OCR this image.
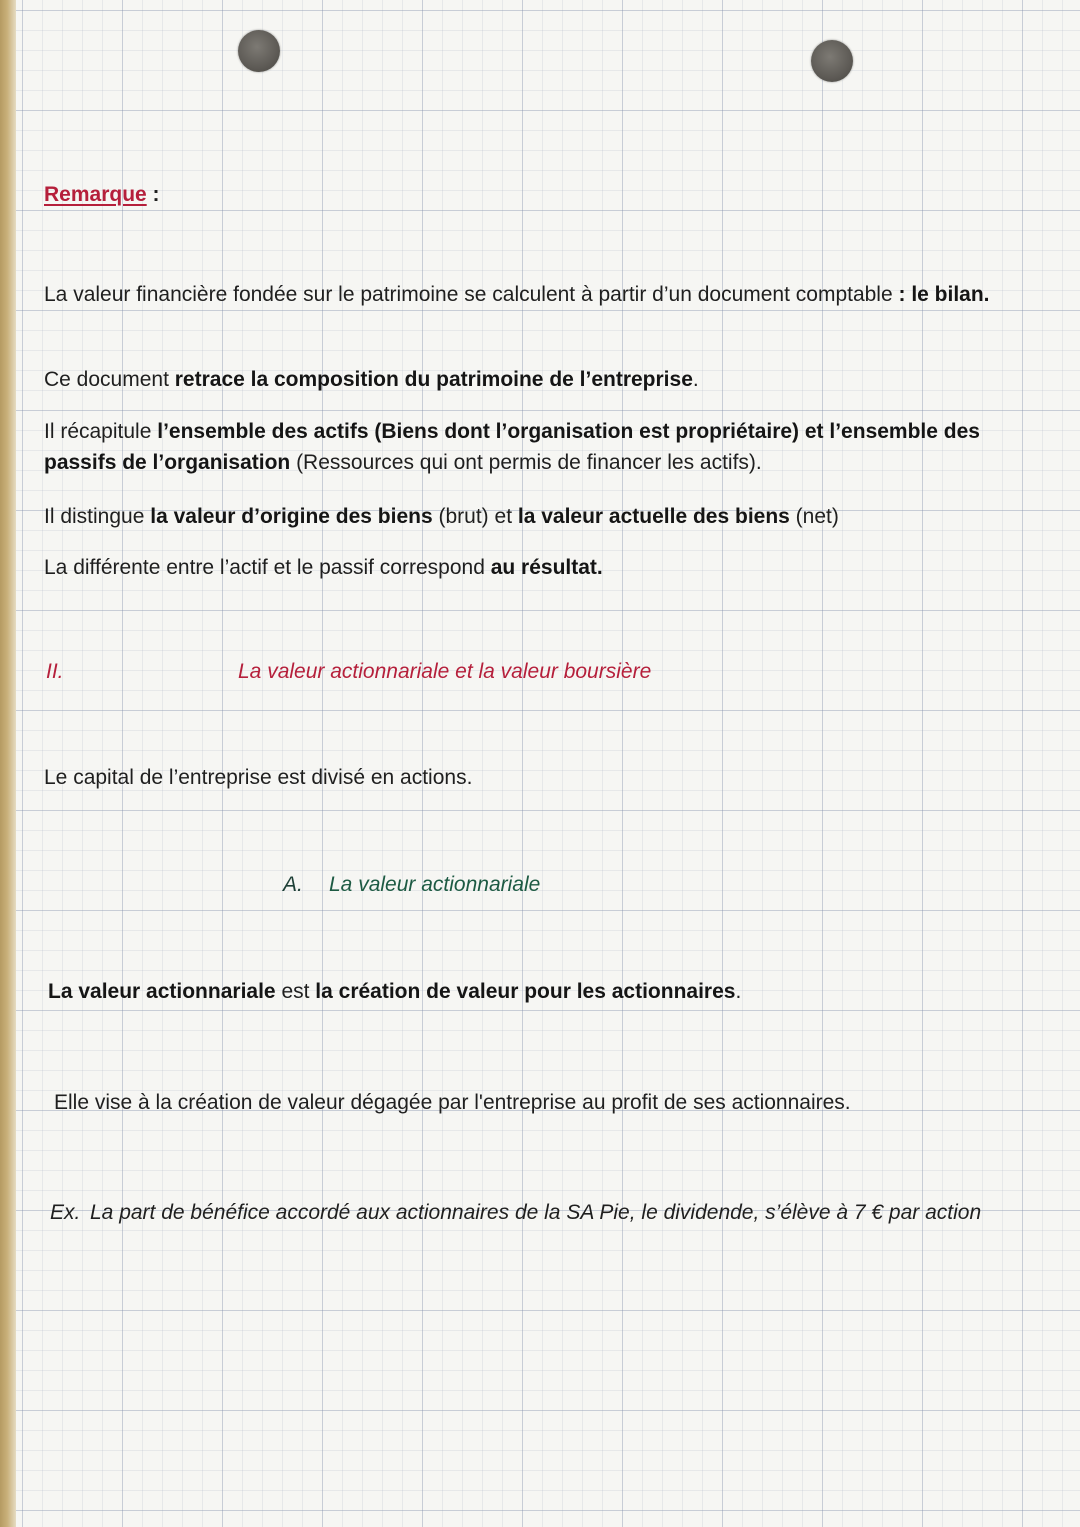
Remarque :
La valeur financière fondée sur le patrimoine se calculent à partir d’un document comptable : le bilan.
Ce document retrace la composition du patrimoine de l’entreprise.
Il récapitule l’ensemble des actifs (Biens dont l’organisation est propriétaire) et l’ensemble des passifs de l’organisation (Ressources qui ont permis de financer les actifs).
Il distingue la valeur d’origine des biens (brut) et la valeur actuelle des biens (net)
La différente entre l’actif et le passif correspond au résultat.
II.	La valeur actionnariale et la valeur boursière
Le capital de l’entreprise est divisé en actions.
A. La valeur actionnariale
La valeur actionnariale est la création de valeur pour les actionnaires.
Elle vise à la création de valeur dégagée par l'entreprise au profit de ses actionnaires.
Ex. La part de bénéfice accordé aux actionnaires de la SA Pie, le dividende, s’élève à 7 € par action
